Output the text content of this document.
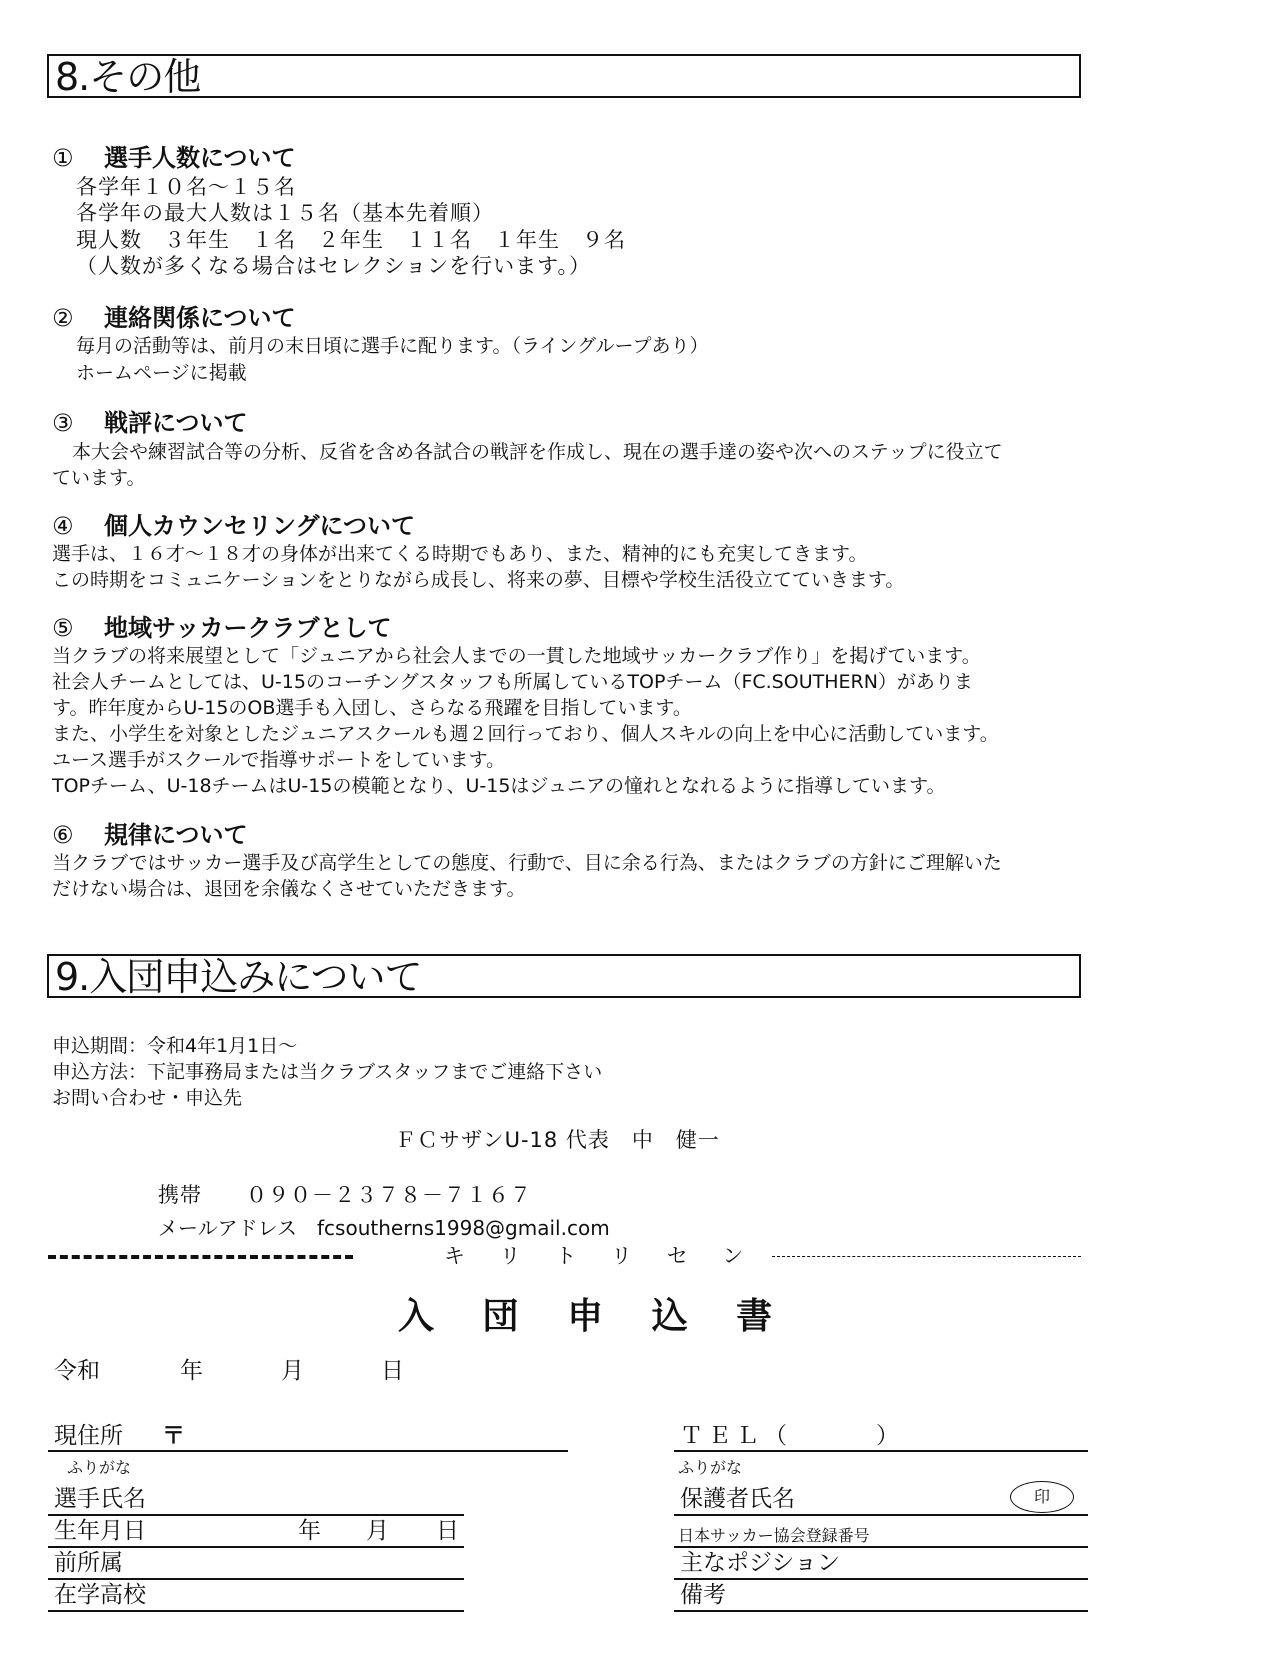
8.その他
① 選手人数について
各学年１０名～１５名
各学年の最大人数は１５名（基本先着順）
現人数　３年生　１名　２年生　１１名　１年生　９名
（人数が多くなる場合はセレクションを行います。）
② 連絡関係について
毎月の活動等は、前月の末日頃に選手に配ります。（ライングループあり）
ホームページに掲載
③ 戦評について
本大会や練習試合等の分析、反省を含め各試合の戦評を作成し、現在の選手達の姿や次へのステップに役立て
ています。
④ 個人カウンセリングについて
選手は、１６才～１８才の身体が出来てくる時期でもあり、また、精神的にも充実してきます。
この時期をコミュニケーションをとりながら成長し、将来の夢、目標や学校生活役立てていきます。
⑤ 地域サッカークラブとして
当クラブの将来展望として「ジュニアから社会人までの一貫した地域サッカークラブ作り」を掲げています。
社会人チームとしては、U-15のコーチングスタッフも所属しているTOPチーム（FC.SOUTHERN）がありま
す。昨年度からU-15のOB選手も入団し、さらなる飛躍を目指しています。
また、小学生を対象としたジュニアスクールも週２回行っており、個人スキルの向上を中心に活動しています。
ユース選手がスクールで指導サポートをしています。
TOPチーム、U-18チームはU-15の模範となり、U-15はジュニアの憧れとなれるように指導しています。
⑥ 規律について
当クラブではサッカー選手及び高学生としての態度、行動で、目に余る行為、またはクラブの方針にご理解いた
だけない場合は、退団を余儀なくさせていただきます。
9.入団申込みについて
申込期間：令和4年1月1日～
申込方法：下記事務局または当クラブスタッフまでご連絡下さい
お問い合わせ・申込先
ＦＣサザンU-18 代表　中　健一
携帯　　０９０－２３７８－７１６７
メールアドレス　fcsoutherns1998@gmail.com
キ リ ト リ セ ン
入 団 申 込 書
令和	年	月	日
現住所 〒
ふりがな
選手氏名
生年月日	年 月 日
前所属
在学高校
ＴＥＬ（　　　）
ふりがな
保護者氏名	印
日本サッカー協会登録番号
主なポジション
備考
